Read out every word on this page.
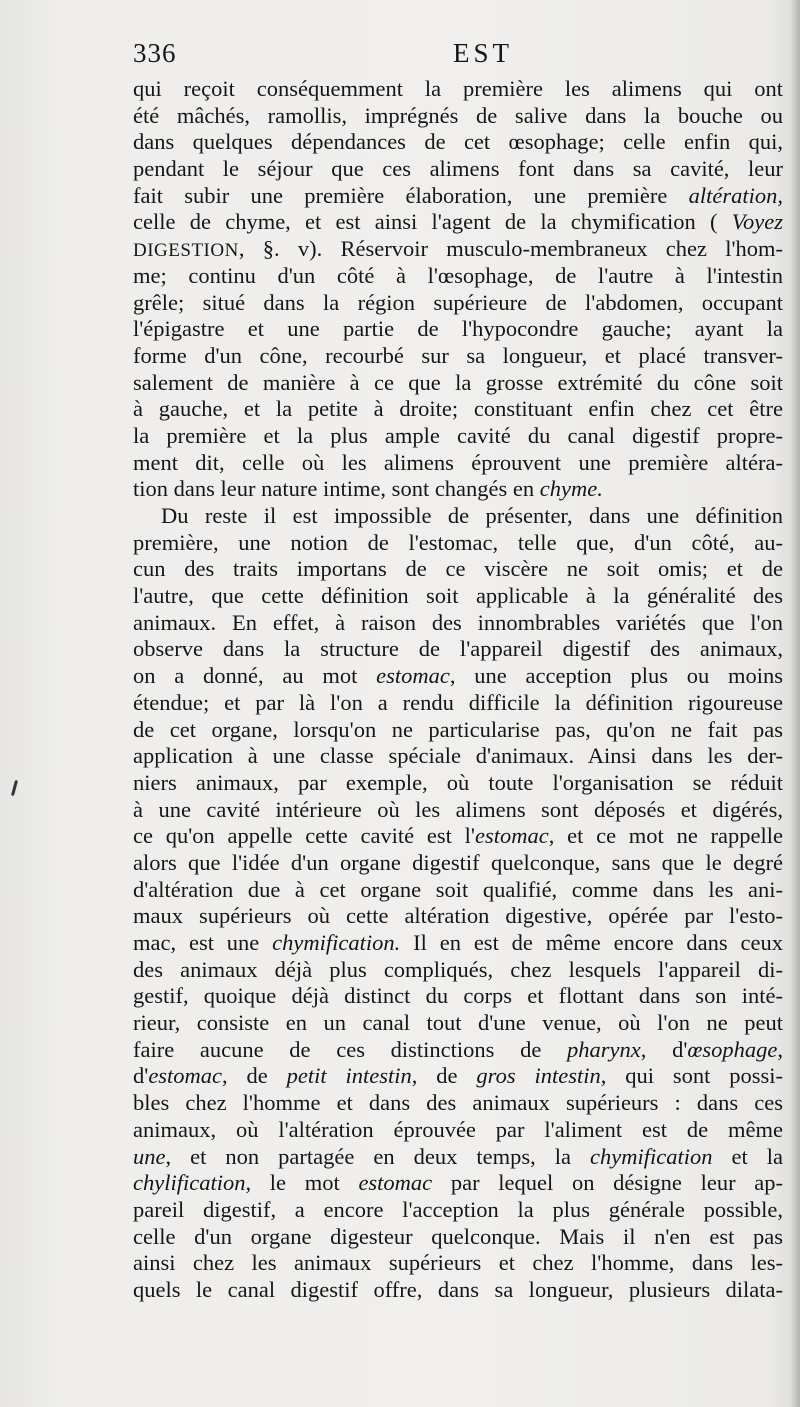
336	EST
qui reçoit conséquemment la première les alimens qui ont
été mâchés, ramollis, imprégnés de salive dans la bouche ou
dans quelques dépendances de cet œsophage; celle enfin qui,
pendant le séjour que ces alimens font dans sa cavité, leur
fait subir une première élaboration, une première altération,
celle de chyme, et est ainsi l'agent de la chymification ( Voyez
DIGESTION, §. v). Réservoir musculo-membraneux chez l'hom-
me; continu d'un côté à l'œsophage, de l'autre à l'intestin
grêle; situé dans la région supérieure de l'abdomen, occupant
l'épigastre et une partie de l'hypocondre gauche; ayant la
forme d'un cône, recourbé sur sa longueur, et placé transver-
salement de manière à ce que la grosse extrémité du cône soit
à gauche, et la petite à droite; constituant enfin chez cet être
la première et la plus ample cavité du canal digestif propre-
ment dit, celle où les alimens éprouvent une première altéra-
tion dans leur nature intime, sont changés en chyme.
Du reste il est impossible de présenter, dans une définition
première, une notion de l'estomac, telle que, d'un côté, au-
cun des traits importans de ce viscère ne soit omis; et de
l'autre, que cette définition soit applicable à la généralité des
animaux. En effet, à raison des innombrables variétés que l'on
observe dans la structure de l'appareil digestif des animaux,
on a donné, au mot estomac, une acception plus ou moins
étendue; et par là l'on a rendu difficile la définition rigoureuse
de cet organe, lorsqu'on ne particularise pas, qu'on ne fait pas
application à une classe spéciale d'animaux. Ainsi dans les der-
niers animaux, par exemple, où toute l'organisation se réduit
à une cavité intérieure où les alimens sont déposés et digérés,
ce qu'on appelle cette cavité est l'estomac, et ce mot ne rappelle
alors que l'idée d'un organe digestif quelconque, sans que le degré
d'altération due à cet organe soit qualifié, comme dans les ani-
maux supérieurs où cette altération digestive, opérée par l'esto-
mac, est une chymification. Il en est de même encore dans ceux
des animaux déjà plus compliqués, chez lesquels l'appareil di-
gestif, quoique déjà distinct du corps et flottant dans son inté-
rieur, consiste en un canal tout d'une venue, où l'on ne peut
faire aucune de ces distinctions de pharynx, d'œsophage,
d'estomac, de petit intestin, de gros intestin, qui sont possi-
bles chez l'homme et dans des animaux supérieurs : dans ces
animaux, où l'altération éprouvée par l'aliment est de même
une, et non partagée en deux temps, la chymification et la
chylification, le mot estomac par lequel on désigne leur ap-
pareil digestif, a encore l'acception la plus générale possible,
celle d'un organe digesteur quelconque. Mais il n'en est pas
ainsi chez les animaux supérieurs et chez l'homme, dans les-
quels le canal digestif offre, dans sa longueur, plusieurs dilata-
